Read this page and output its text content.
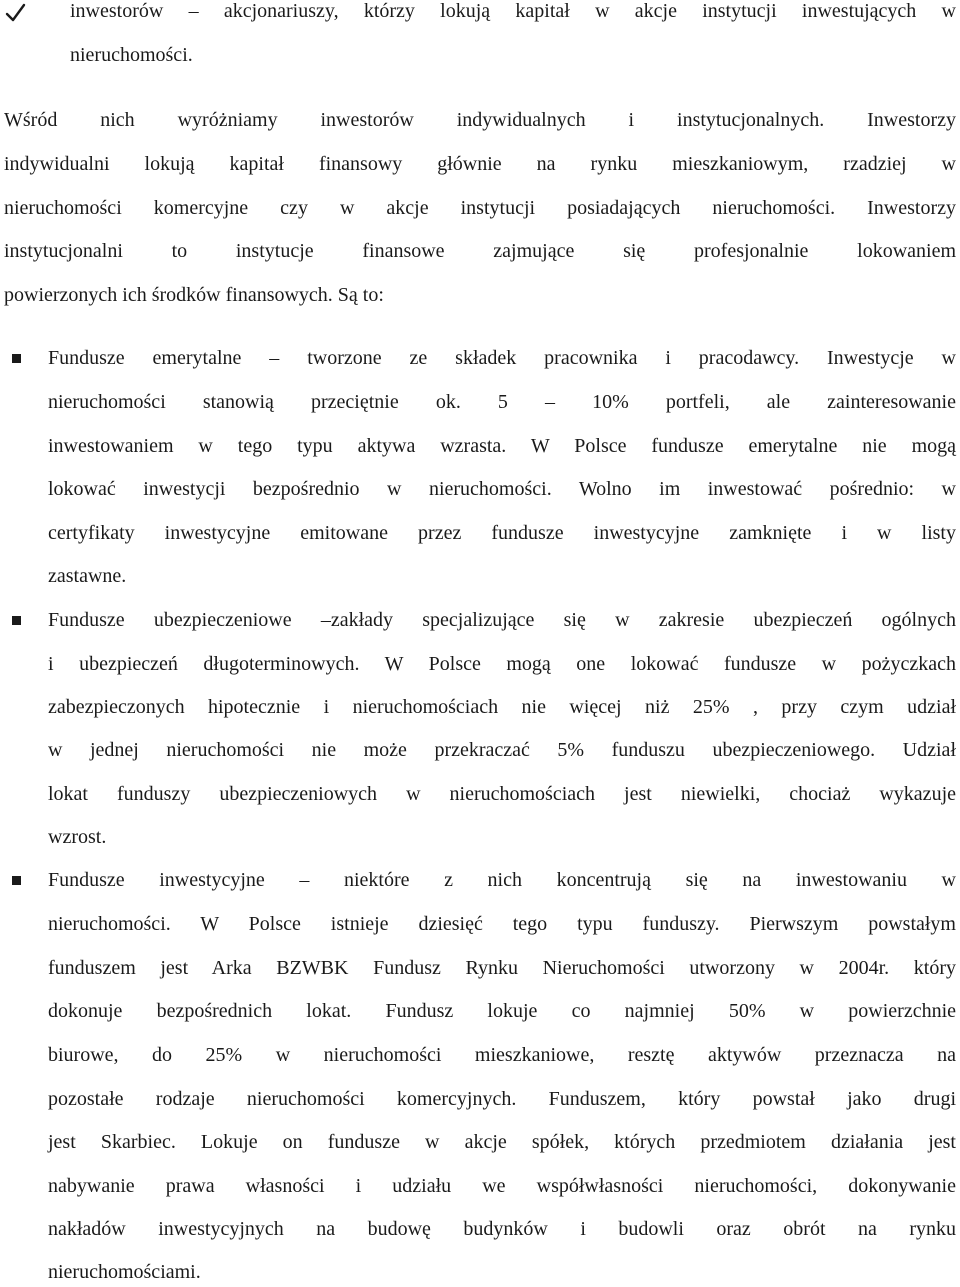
inwestorów – akcjonariuszy, którzy lokują kapitał w akcje instytucji inwestujących w
nieruchomości.
Wśród nich wyróżniamy inwestorów indywidualnych i instytucjonalnych. Inwestorzy
indywidualni lokują kapitał finansowy głównie na rynku mieszkaniowym, rzadziej w
nieruchomości komercyjne czy w akcje instytucji posiadających nieruchomości. Inwestorzy
instytucjonalni to instytucje finansowe zajmujące się profesjonalnie lokowaniem
powierzonych ich środków finansowych. Są to:
Fundusze emerytalne – tworzone ze składek pracownika i pracodawcy. Inwestycje w
nieruchomości stanowią przeciętnie ok. 5 – 10% portfeli, ale zainteresowanie
inwestowaniem w tego typu aktywa wzrasta. W Polsce fundusze emerytalne nie mogą
lokować inwestycji bezpośrednio w nieruchomości. Wolno im inwestować pośrednio: w
certyfikaty inwestycyjne emitowane przez fundusze inwestycyjne zamknięte i w listy
zastawne.
Fundusze ubezpieczeniowe –zakłady specjalizujące się w zakresie ubezpieczeń ogólnych
i ubezpieczeń długoterminowych. W Polsce mogą one lokować fundusze w pożyczkach
zabezpieczonych hipotecznie i nieruchomościach nie więcej niż 25% , przy czym udział
w jednej nieruchomości nie może przekraczać 5% funduszu ubezpieczeniowego. Udział
lokat funduszy ubezpieczeniowych w nieruchomościach jest niewielki, chociaż wykazuje
wzrost.
Fundusze inwestycyjne – niektóre z nich koncentrują się na inwestowaniu w
nieruchomości. W Polsce istnieje dziesięć tego typu funduszy. Pierwszym powstałym
funduszem jest Arka BZWBK Fundusz Rynku Nieruchomości utworzony w 2004r. który
dokonuje bezpośrednich lokat. Fundusz lokuje co najmniej 50% w powierzchnie
biurowe, do 25% w nieruchomości mieszkaniowe, resztę aktywów przeznacza na
pozostałe rodzaje nieruchomości komercyjnych. Funduszem, który powstał jako drugi
jest Skarbiec. Lokuje on fundusze w akcje spółek, których przedmiotem działania jest
nabywanie prawa własności i udziału we współwłasności nieruchomości, dokonywanie
nakładów inwestycyjnych na budowę budynków i budowli oraz obrót na rynku
nieruchomościami.
